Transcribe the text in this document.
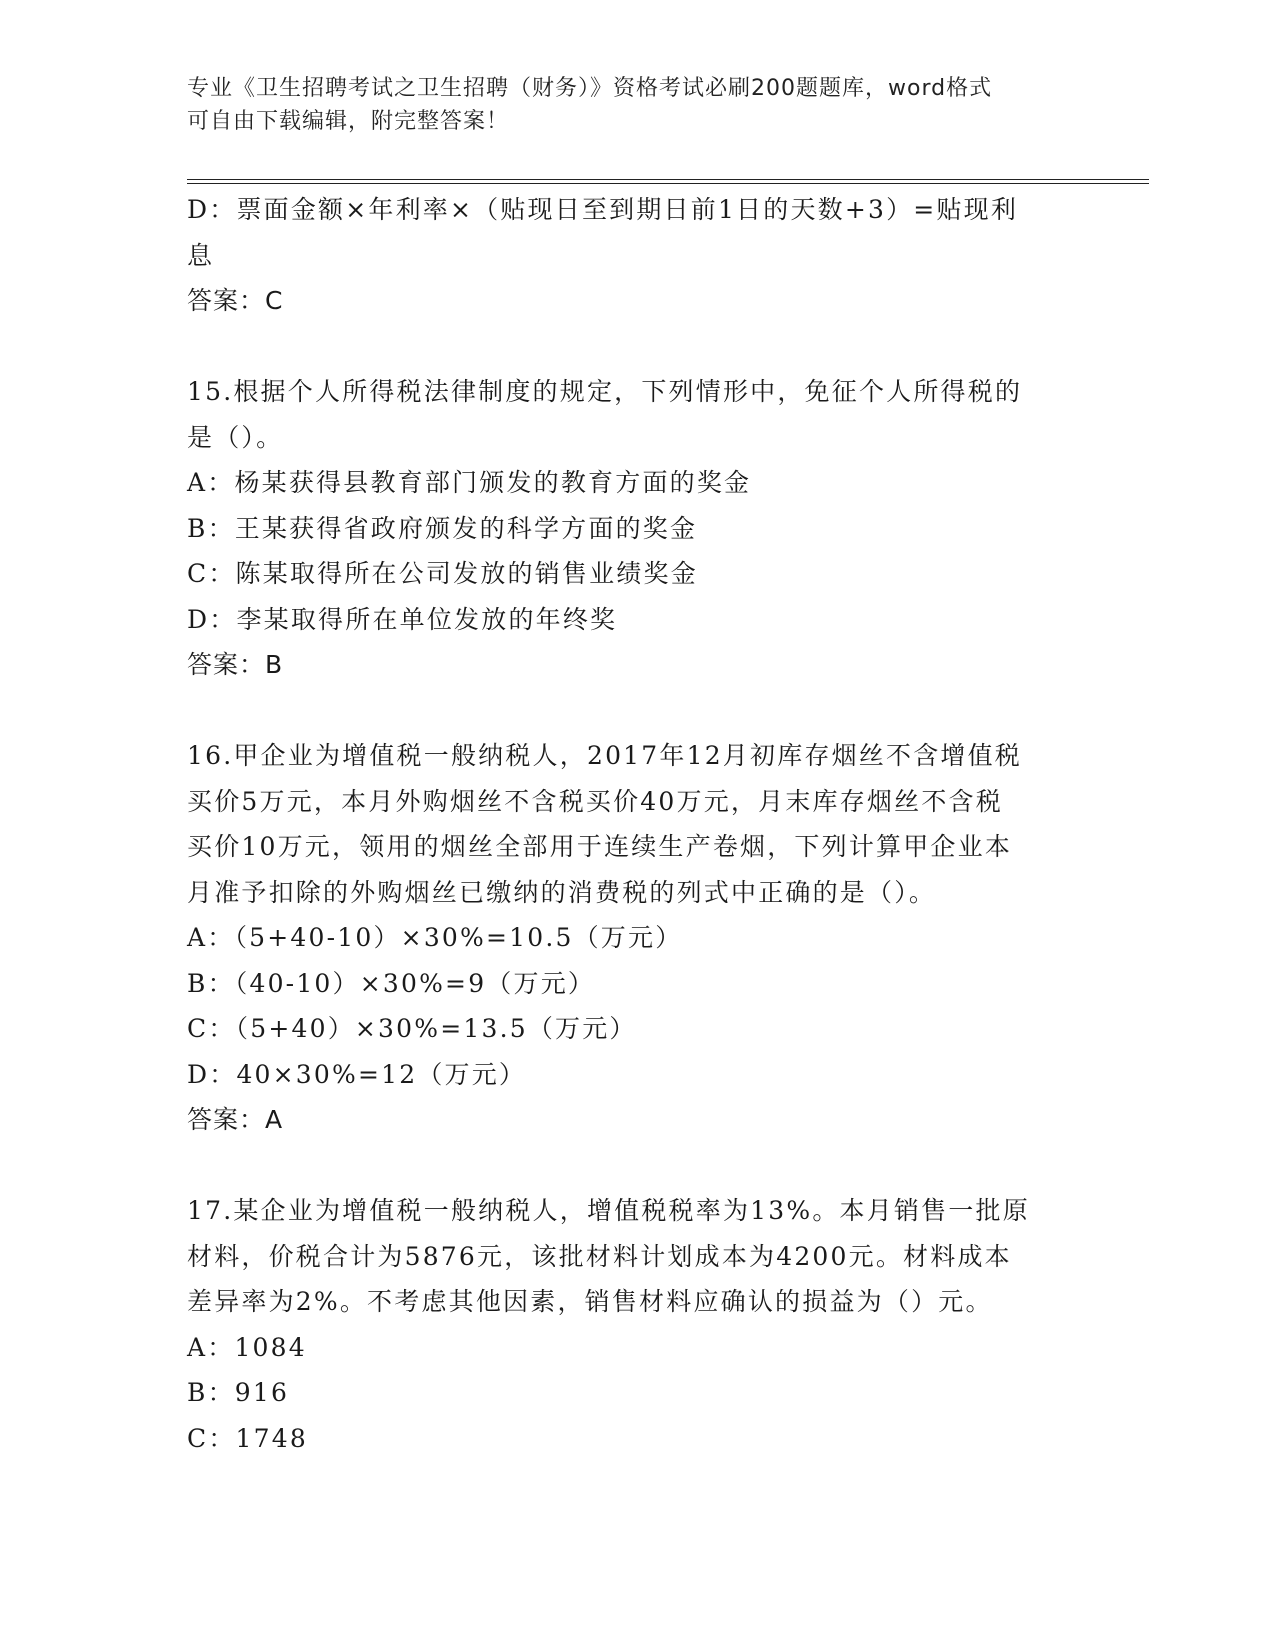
专业《卫生招聘考试之卫生招聘（财务）》资格考试必刷200题题库，word格式
可自由下载编辑，附完整答案！
D：票面金额×年利率×（贴现日至到期日前1日的天数+3）=贴现利
息
答案：C
15.根据个人所得税法律制度的规定，下列情形中，免征个人所得税的
是（）。
A：杨某获得县教育部门颁发的教育方面的奖金
B：王某获得省政府颁发的科学方面的奖金
C：陈某取得所在公司发放的销售业绩奖金
D：李某取得所在单位发放的年终奖
答案：B
16.甲企业为增值税一般纳税人，2017年12月初库存烟丝不含增值税
买价5万元，本月外购烟丝不含税买价40万元，月末库存烟丝不含税
买价10万元，领用的烟丝全部用于连续生产卷烟，下列计算甲企业本
月准予扣除的外购烟丝已缴纳的消费税的列式中正确的是（）。
A：（5+40-10）×30%=10.5（万元）
B：（40-10）×30%=9（万元）
C：（5+40）×30%=13.5（万元）
D：40×30%=12（万元）
答案：A
17.某企业为增值税一般纳税人，增值税税率为13%。本月销售一批原
材料，价税合计为5876元，该批材料计划成本为4200元。材料成本
差异率为2%。不考虑其他因素，销售材料应确认的损益为（）元。
A：1084
B：916
C：1748
